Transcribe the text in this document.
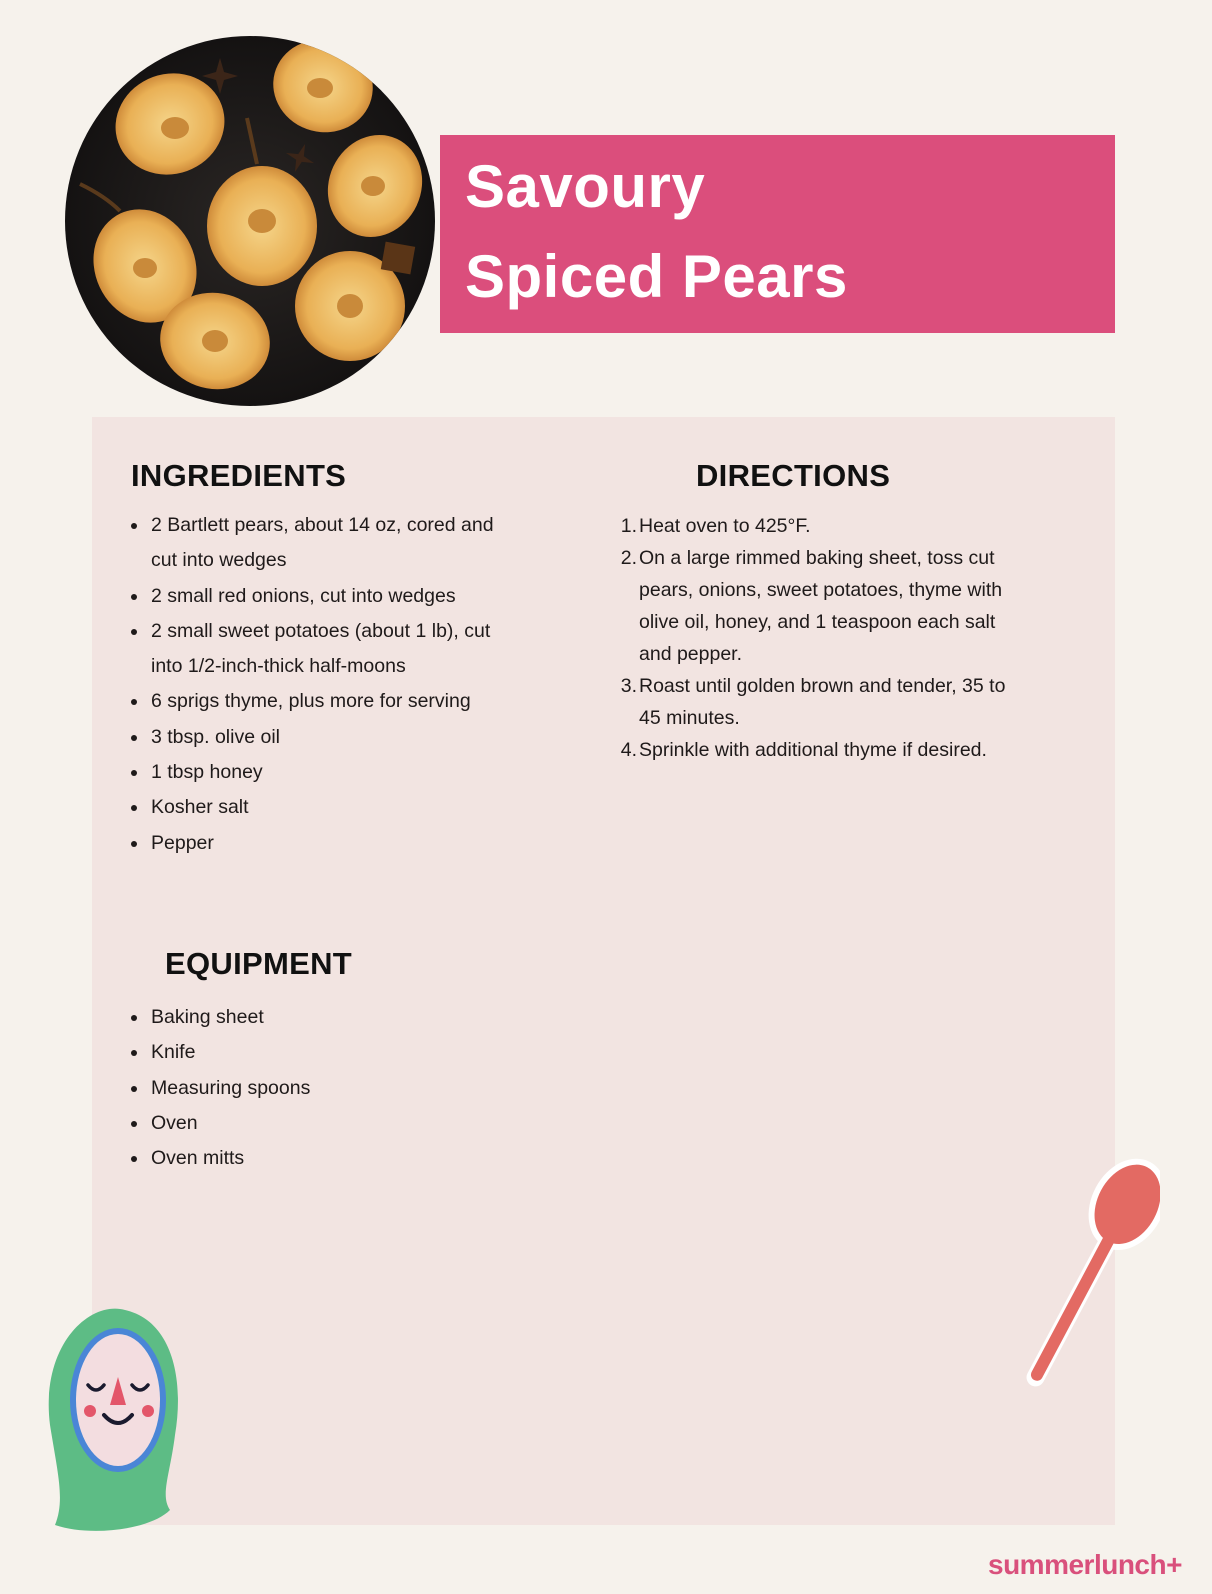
Savoury
Spiced Pears
INGREDIENTS
2 Bartlett pears, about 14 oz, cored and
cut into wedges
2 small red onions, cut into wedges
2 small sweet potatoes (about 1 lb), cut
into 1/2-inch-thick half-moons
6 sprigs thyme, plus more for serving
3 tbsp. olive oil
1 tbsp honey
Kosher salt
Pepper
EQUIPMENT
Baking sheet
Knife
Measuring spoons
Oven
Oven mitts
DIRECTIONS
1. Heat oven to 425°F.
2. On a large rimmed baking sheet, toss cut
pears, onions, sweet potatoes, thyme with
olive oil, honey, and 1 teaspoon each salt
and pepper.
3. Roast until golden brown and tender, 35 to
45 minutes.
4. Sprinkle with additional thyme if desired.
summerlunch+
